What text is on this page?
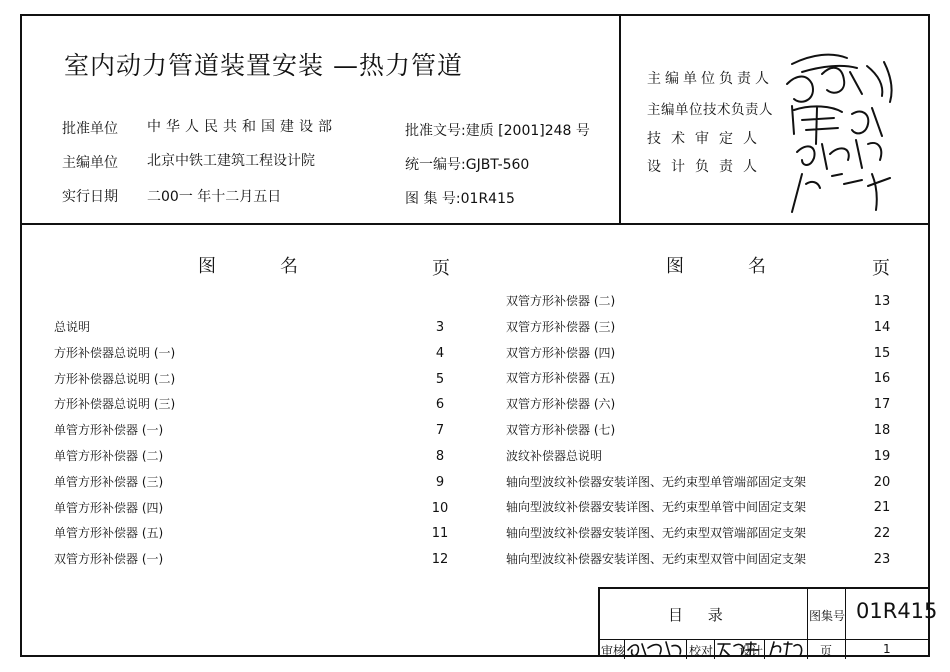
室内动力管道装置安装 —热力管道
批准单位 中华人民共和国建设部
主编单位 北京中铁工建筑工程设计院
实行日期 二00一 年十二月五日
批准文号:建质 [2001]248 号
统一编号:GJBT-560
图 集 号:01R415
主编单位负责人
主编单位技术负责人
技术审定人
设计负责人
图	名	页	图	名	页
总说明	3
方形补偿器总说明 (一)	4
方形补偿器总说明 (二)	5
方形补偿器总说明 (三)	6
单管方形补偿器 (一)	7
单管方形补偿器 (二)	8
单管方形补偿器 (三)	9
单管方形补偿器 (四)	10
单管方形补偿器 (五)	11
双管方形补偿器 (一)	12
双管方形补偿器 (二)	13
双管方形补偿器 (三)	14
双管方形补偿器 (四)	15
双管方形补偿器 (五)	16
双管方形补偿器 (六)	17
双管方形补偿器 (七)	18
波纹补偿器总说明	19
轴向型波纹补偿器安装详图、无约束型单管端部固定支架	20
轴向型波纹补偿器安装详图、无约束型单管中间固定支架	21
轴向型波纹补偿器安装详图、无约束型双管端部固定支架	22
轴向型波纹补偿器安装详图、无约束型双管中间固定支架	23
目 录	图集号 01R415
审核	校对 设计	页	1
